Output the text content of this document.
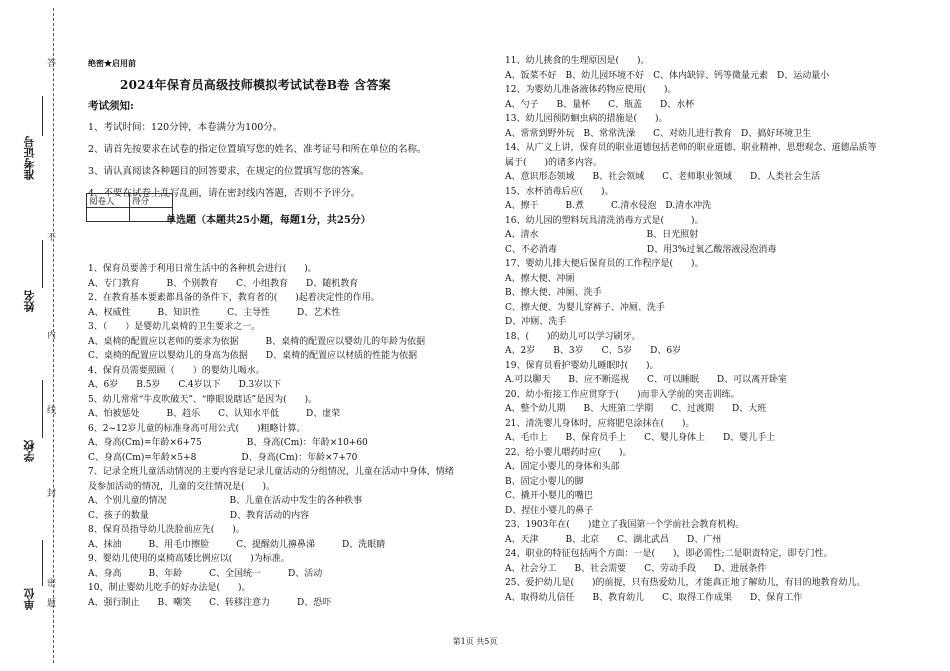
答
不
内
线
封
密
题
准考证号
姓名
学校
单位
绝密★启用前
2024年保育员高级技师模拟考试试卷B卷 含答案
考试须知:
1、考试时间：120分钟，本卷满分为100分。
2、请首先按要求在试卷的指定位置填写您的姓名、准考证号和所在单位的名称。
3、请认真阅读各种题目的回答要求，在规定的位置填写您的答案。
4、不要在试卷上乱写乱画，请在密封线内答题，否则不予评分。
阅卷人	得分

单选题（本题共25小题，每题1分，共25分）
1、保育员要善于利用日常生活中的各种机会进行(　　)。
A、专门教育　　　B、个别教育　　C、小组教育　　D、随机教育
2、在教育基本要素都具备的条件下，教育者的(　　)起着决定性的作用。
A、权威性　　　B、知识性　　　C、主导性　　　D、艺术性
3、（　　）是婴幼儿桌椅的卫生要求之一。
A、桌椅的配置应以老师的要求为依据　　　B、桌椅的配置应以婴幼儿的年龄为依据
C、桌椅的配置应以婴幼儿的身高为依据　　D、桌椅的配置应以材质的性能为依据
4、保育员需要照顾（　　）的婴幼儿喝水。
A、6岁　　B.5岁　　C.4岁以下　　D.3岁以下
5、幼儿常常“牛皮吹破天”、“睁眼说瞎话”是因为(　　)。
A、怕被惩处　　　B、趋乐　　C、认知水平低　　　D、虚荣
6、2~12岁儿童的标准身高可用公式(　　)粗略计算。
A、身高(Cm)=年龄×6+75　　　　　B、身高(Cm)：年龄×10+60
C、身高(Cm)=年龄×5+8　　　　　D、身高(Cm)：年龄×7+70
7、记录全班儿童活动情况的主要内容是记录儿童活动的分组情况，儿童在活动中身体，情绪
及参加活动的情况，儿童的交往情况是(　　)。
A、个别儿童的情况　　　　　　　B、儿童在活动中发生的各种秩事
C、孩子的数量　　　　　　　　　D、教育活动的内容
8、保育员指导幼儿洗脸前应先(　　)。
A、抹油　　　B、用毛巾擦脸　　　C、提醒幼儿擤鼻涕　　　D、洗眼睛
9、婴幼儿使用的桌椅高矮比例应以(　　)为标准。
A、身高　　　B、年龄　　　C、全国统一　　　D、活动
10、制止婴幼儿吃手的好办法是(　　)。
A、强行制止　　B、嘲笑　　C、转移注意力　　　D、恐吓
11、幼儿挑食的生理原因是(　　)。
A、饭菜不好　B、幼儿园环境不好　C、体内缺锌、钙等微量元素　D、运动量小
12、为婴幼儿准备液体药物应使用(　　)。
A、勺子　　B、量杯　　C、瓶盖　　D、水杯
13、幼儿园预防蛔虫病的措施是(　　)。
A、常常到野外玩　B、常常洗澡　　C、对幼儿进行教育　D、搞好环境卫生
14、从广义上讲，保育员的职业道德包括老师的职业道德、职业精神、思想观念、道德品质等
属于(　　)的诸多内容。
A、意识形态领域　　B、社会领域　　C、老师职业领域　　D、人类社会生活
15、水杯消毒后应(　　)。
A、擦干　　　B.煮　　　C.清水侵泡　D.清水冲洗
16、幼儿园的塑料玩具清洗消毒方式是(　　　)。
A、清水　　　　　　　　　　　　B、日光照射
C、不必消毒　　　　　　　　　　D、用3%过氧乙酸溶液浸泡消毒
17、婴幼儿排大便后保育员的工作程序是(　　)。
A、擦大便、冲厕
B、擦大便、冲厕、洗手
C、擦大便、为婴儿穿裤子、冲厕、洗手
D、冲厕、洗手
18、(　　)的幼儿可以学习刷牙。
A、2岁　　B、3岁　　C、5岁　　D、6岁
19、保育员看护婴幼儿睡眠时(　　)。
A.可以聊天　　B、应不断巡视　　C、可以睡眠　　D、可以离开卧室
20、幼小衔接工作应贯穿于(　　)而非入学前的突击训练。
A、整个幼儿期　　B、大班第二学期　　C、过渡期　　D、大班
21、清洗婴儿身体时，应将肥皂涂抹在(　　)。
A、毛巾上　　B、保育员手上　　C、婴儿身体上　　D、婴儿手上
22、给小婴儿喂药时应(　　)。
A、固定小婴儿的身体和头部
B、固定小婴儿的脚
C、撬开小婴儿的嘴巴
D、捏住小婴儿的鼻子
23、1903年在(　　)建立了我国第一个学前社会教育机构。
A、天津　　　B、北京　　C、湖北武昌　　D、广州
24、职业的特征包括两个方面：一是(　　)，即必需性;二是职责特定，即专门性。
A、社会分工　　B、社会需要　　C、劳动手段　　D、进展条件
25、爱护幼儿是(　　)的前提，只有热爱幼儿，才能真正地了解幼儿，有目的地教育幼儿。
A、取得幼儿信任　　B、教育幼儿　　C、取得工作成果　　D、保育工作
第1页 共5页
